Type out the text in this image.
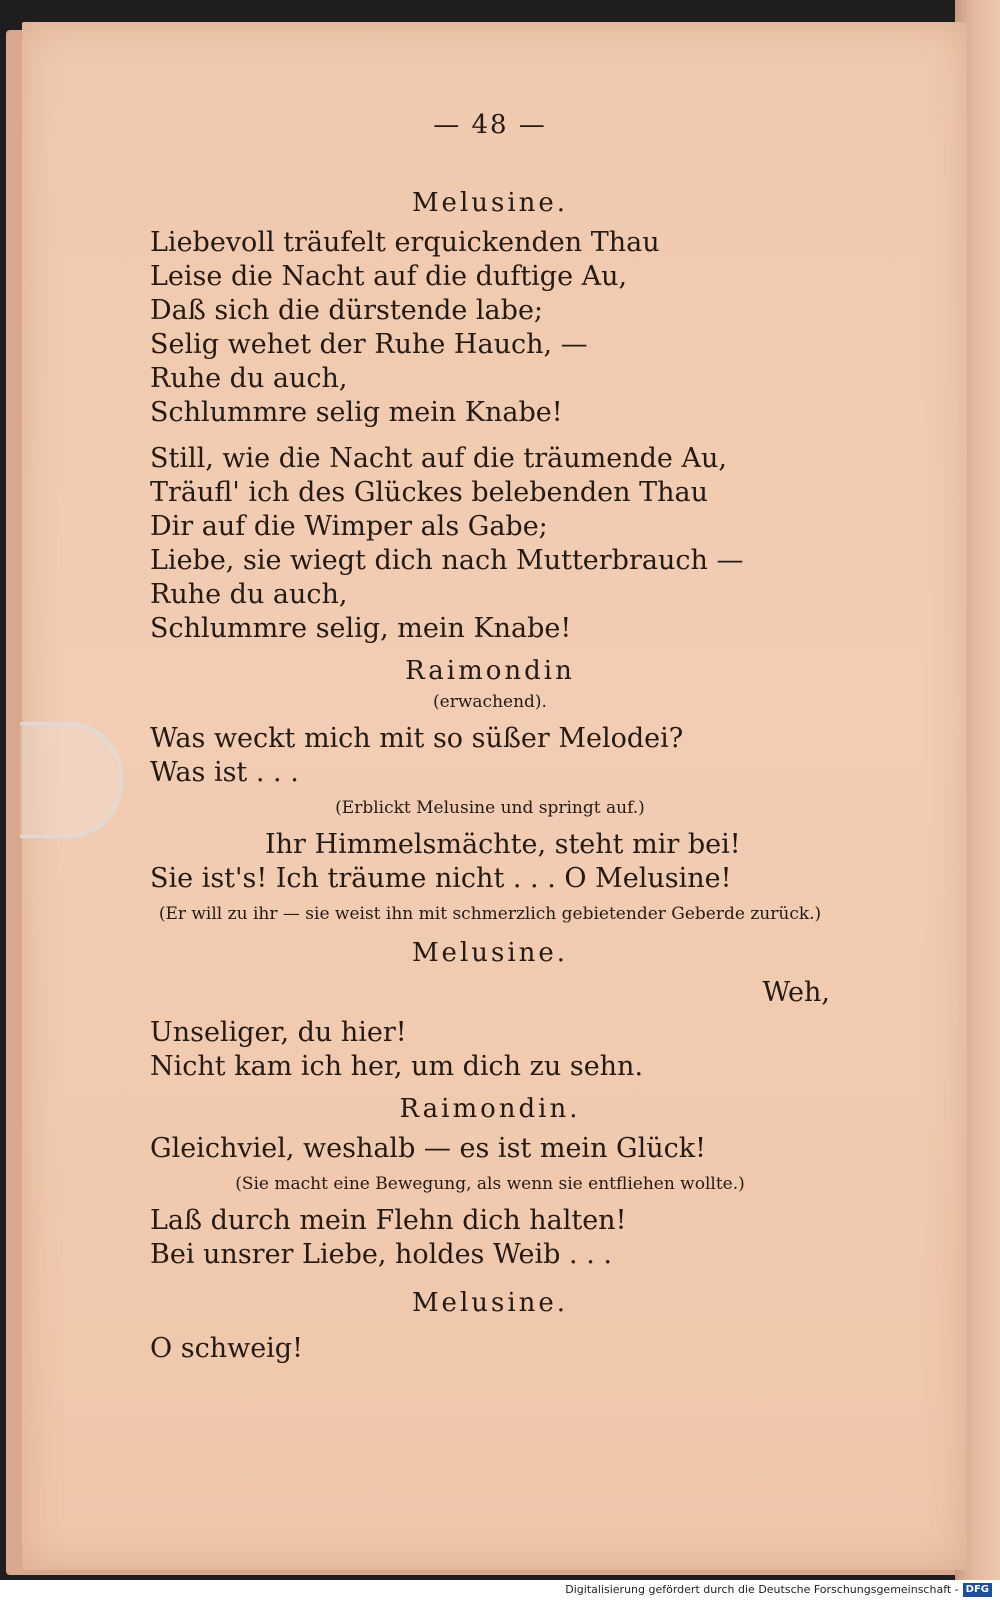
— 48 —
Melusine.
Liebevoll träufelt erquickenden Thau
Leise die Nacht auf die duftige Au,
Daß sich die dürstende labe;
Selig wehet der Ruhe Hauch, —
Ruhe du auch,
Schlummre selig mein Knabe!
Still, wie die Nacht auf die träumende Au,
Träufl' ich des Glückes belebenden Thau
Dir auf die Wimper als Gabe;
Liebe, sie wiegt dich nach Mutterbrauch —
Ruhe du auch,
Schlummre selig, mein Knabe!
Raimondin
(erwachend).
Was weckt mich mit so süßer Melodei?
Was ist . . .
(Erblickt Melusine und springt auf.)
Ihr Himmelsmächte, steht mir bei!
Sie ist's! Ich träume nicht . . . O Melusine!
(Er will zu ihr — sie weist ihn mit schmerzlich gebietender Geberde zurück.)
Melusine.
Weh,
Unseliger, du hier!
Nicht kam ich her, um dich zu sehn.
Raimondin.
Gleichviel, weshalb — es ist mein Glück!
(Sie macht eine Bewegung, als wenn sie entfliehen wollte.)
Laß durch mein Flehn dich halten!
Bei unsrer Liebe, holdes Weib . . .
Melusine.
O schweig!
Digitalisierung gefördert durch die Deutsche Forschungsgemeinschaft - DFG
